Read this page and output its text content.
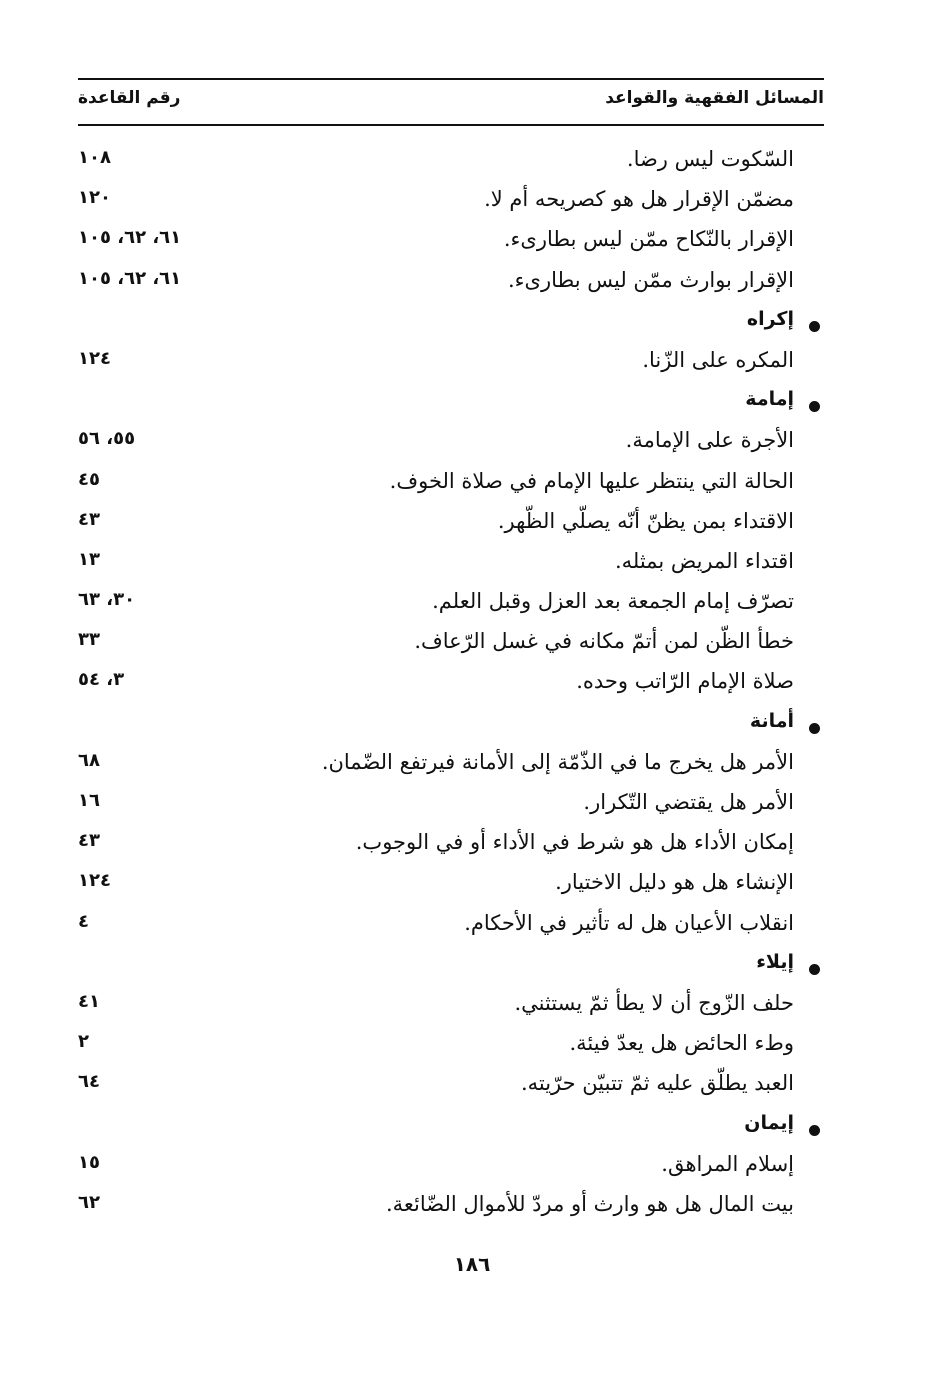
المسائل الفقهية والقواعد
رقم القاعدة
السّكوت ليس رضا.
١٠٨
مضمّن الإقرار هل هو كصريحه أم لا.
١٢٠
الإقرار بالنّكاح ممّن ليس بطارىء.
٦١، ٦٢، ١٠٥
الإقرار بوارث ممّن ليس بطارىء.
٦١، ٦٢، ١٠٥
إكراه
المكره على الزّنا.
١٢٤
إمامة
الأجرة على الإمامة.
٥٥، ٥٦
الحالة التي ينتظر عليها الإمام في صلاة الخوف.
٤٥
الاقتداء بمن يظنّ أنّه يصلّي الظّهر.
٤٣
اقتداء المريض بمثله.
١٣
تصرّف إمام الجمعة بعد العزل وقبل العلم.
٣٠، ٦٣
خطأ الظّن لمن أتمّ مكانه في غسل الرّعاف.
٣٣
صلاة الإمام الرّاتب وحده.
٣، ٥٤
أمانة
الأمر هل يخرج ما في الذّمّة إلى الأمانة فيرتفع الضّمان.
٦٨
الأمر هل يقتضي التّكرار.
١٦
إمكان الأداء هل هو شرط في الأداء أو في الوجوب.
٤٣
الإنشاء هل هو دليل الاختيار.
١٢٤
انقلاب الأعيان هل له تأثير في الأحكام.
٤
إيلاء
حلف الزّوج أن لا يطأ ثمّ يستثني.
٤١
وطء الحائض هل يعدّ فيئة.
٢
العبد يطلّق عليه ثمّ تتبيّن حرّيته.
٦٤
إيمان
إسلام المراهق.
١٥
بيت المال هل هو وارث أو مردّ للأموال الضّائعة.
٦٢
١٨٦
